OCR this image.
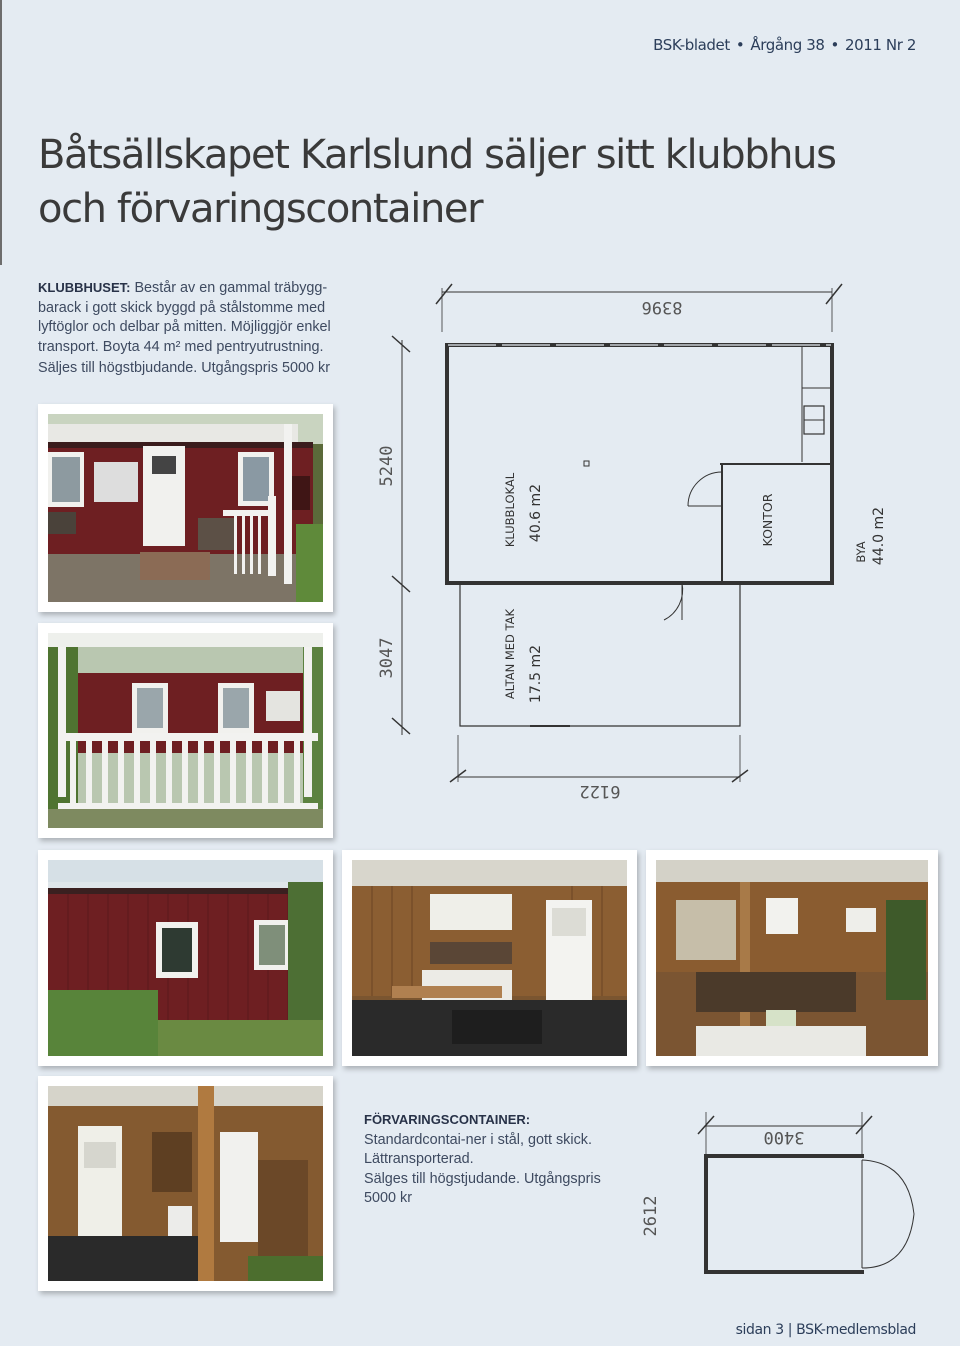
BSK-bladet • Årgång 38 • 2011 Nr 2
Båtsällskapet Karlslund säljer sitt klubbhus
och förvaringscontainer

KLUBBHUSET: Består av en gammal träbygg-barack i gott skick byggd på stålstomme med lyftöglor och delbar på mitten. Möjliggjör enkel transport. Boyta 44 m² med pentryutrustning.

Säljes till högstbjudande. Utgångspris 5000 kr

8396
5240
3047
6122
KLUBBLOKAL 40.6 m2	KONTOR
BYA 44.0 m2
ALTAN MED TAK 17.5 m2

FÖRVARINGSCONTAINER: Standardcontai-ner i stål, gott skick. Lättransporterad.

Sälges till högstjudande. Utgångspris 5000 kr

3400
2612
sidan 3 | BSK-medlemsblad
